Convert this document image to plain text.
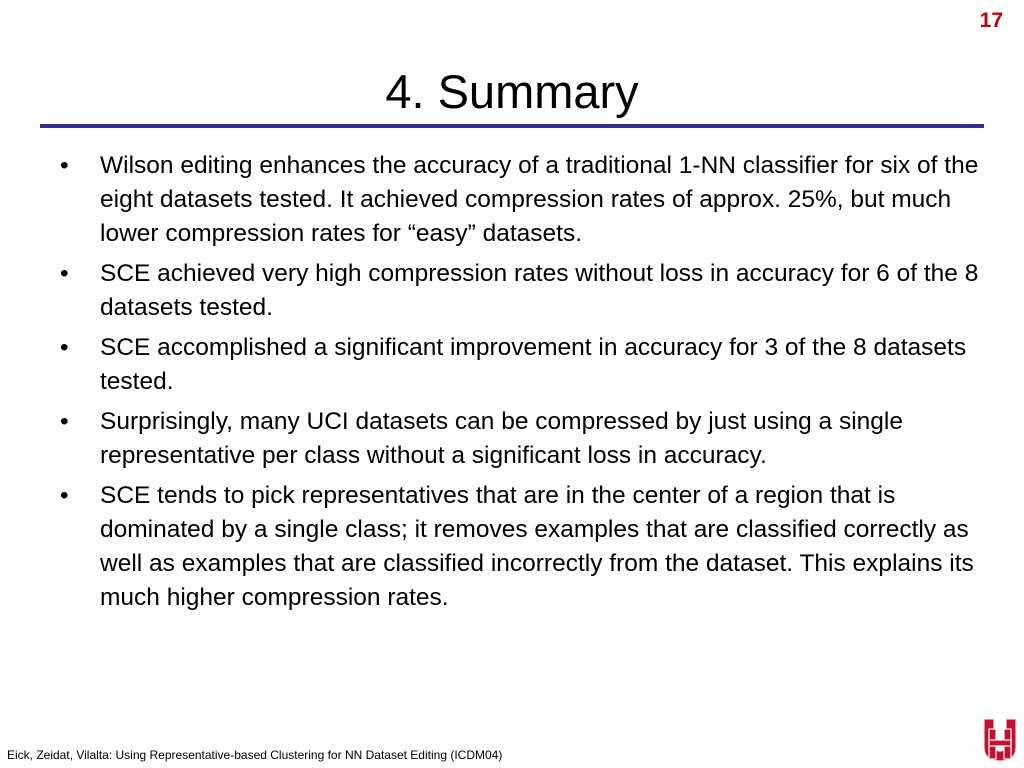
17
4. Summary
• Wilson editing enhances the accuracy of a traditional 1-NN classifier for six of the eight datasets tested. It achieved compression rates of approx. 25%, but much lower compression rates for “easy” datasets.
• SCE achieved very high compression rates without loss in accuracy for 6 of the 8 datasets tested.
• SCE accomplished a significant improvement in accuracy for 3 of the 8 datasets tested.
• Surprisingly, many UCI datasets can be compressed by just using a single representative per class without a significant loss in accuracy.
• SCE tends to pick representatives that are in the center of a region that is dominated by a single class; it removes examples that are classified correctly as well as examples that are classified incorrectly from the dataset. This explains its much higher compression rates.
Eick, Zeidat, Vilalta: Using Representative-based Clustering for NN Dataset Editing (ICDM04)
